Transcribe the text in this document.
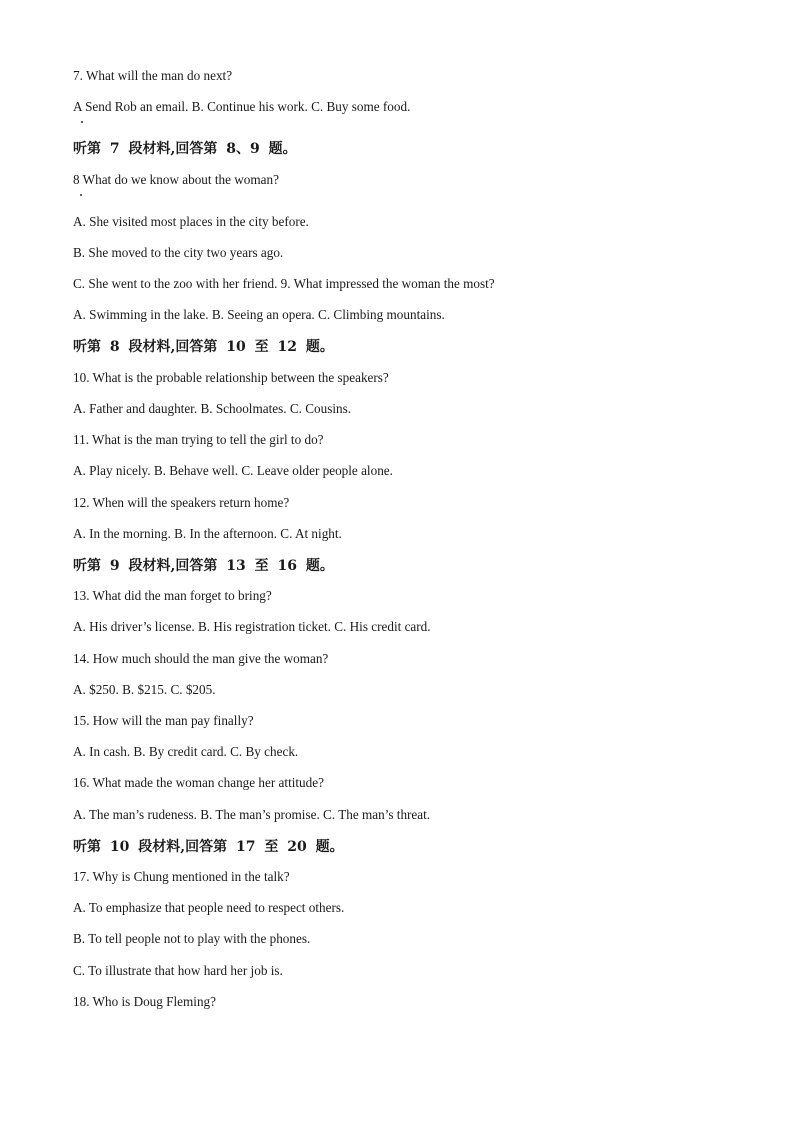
7. What will the man do next?
A Send Rob an email. B. Continue his work. C. Buy some food.
听第 7 段材料,回答第 8、9 题。
8 What do we know about the woman?
A. She visited most places in the city before.
B. She moved to the city two years ago.
C. She went to the zoo with her friend. 9. What impressed the woman the most?
A. Swimming in the lake. B. Seeing an opera. C. Climbing mountains.
听第 8 段材料,回答第 10 至 12 题。
10. What is the probable relationship between the speakers?
A. Father and daughter. B. Schoolmates. C. Cousins.
11. What is the man trying to tell the girl to do?
A. Play nicely. B. Behave well. C. Leave older people alone.
12. When will the speakers return home?
A. In the morning. B. In the afternoon. C. At night.
听第 9 段材料,回答第 13 至 16 题。
13. What did the man forget to bring?
A. His driver’s license. B. His registration ticket. C. His credit card.
14. How much should the man give the woman?
A. $250. B. $215. C. $205.
15. How will the man pay finally?
A. In cash. B. By credit card. C. By check.
16. What made the woman change her attitude?
A. The man’s rudeness. B. The man’s promise. C. The man’s threat.
听第 10 段材料,回答第 17 至 20 题。
17. Why is Chung mentioned in the talk?
A. To emphasize that people need to respect others.
B. To tell people not to play with the phones.
C. To illustrate that how hard her job is.
18. Who is Doug Fleming?
